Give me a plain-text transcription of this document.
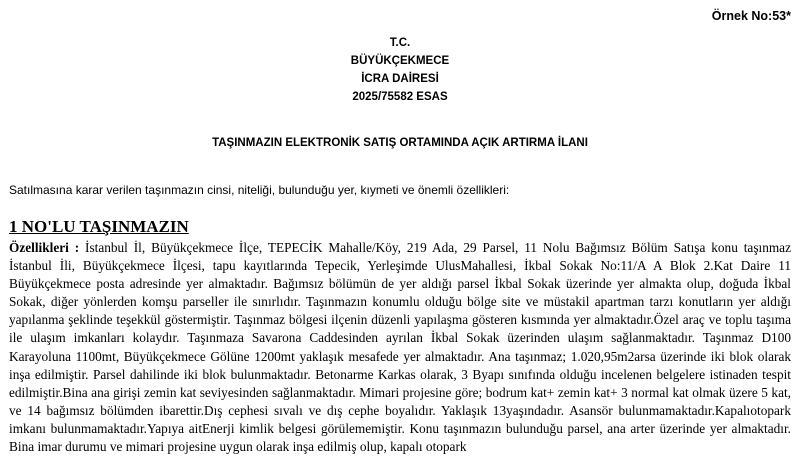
Örnek No:53*
T.C.
BÜYÜKÇEKMECE
İCRA DAİRESİ
2025/75582 ESAS
TAŞINMAZIN ELEKTRONİK SATIŞ ORTAMINDA AÇIK ARTIRMA İLANI
Satılmasına karar verilen taşınmazın cinsi, niteliği, bulunduğu yer, kıymeti ve önemli özellikleri:
1 NO'LU TAŞINMAZIN
Özellikleri : İstanbul İl, Büyükçekmece İlçe, TEPECİK Mahalle/Köy, 219 Ada, 29 Parsel, 11 Nolu Bağımsız Bölüm Satışa konu taşınmaz İstanbul İli, Büyükçekmece İlçesi, tapu kayıtlarında Tepecik, Yerleşimde UlusMahallesi, İkbal Sokak No:11/A A Blok 2.Kat Daire 11 Büyükçekmece posta adresinde yer almaktadır. Bağımsız bölümün de yer aldığı parsel İkbal Sokak üzerinde yer almakta olup, doğuda İkbal Sokak, diğer yönlerden komşu parseller ile sınırlıdır. Taşınmazın konumlu olduğu bölge site ve müstakil apartman tarzı konutların yer aldığı yapılanma şeklinde teşekkül göstermiştir. Taşınmaz bölgesi ilçenin düzenli yapılaşma gösteren kısmında yer almaktadır.Özel araç ve toplu taşıma ile ulaşım imkanları kolaydır. Taşınmaza Savarona Caddesinden ayrılan İkbal Sokak üzerinden ulaşım sağlanmaktadır. Taşınmaz D100 Karayoluna 1100mt, Büyükçekmece Gölüne 1200mt yaklaşık mesafede yer almaktadır. Ana taşınmaz; 1.020,95m2arsa üzerinde iki blok olarak inşa edilmiştir. Parsel dahilinde iki blok bulunmaktadır. Betonarme Karkas olarak, 3 Byapı sınıfında olduğu incelenen belgelere istinaden tespit edilmiştir.Bina ana girişi zemin kat seviyesinden sağlanmaktadır. Mimari projesine göre; bodrum kat+ zemin kat+ 3 normal kat olmak üzere 5 kat, ve 14 bağımsız bölümden ibarettir.Dış cephesi sıvalı ve dış cephe boyalıdır. Yaklaşık 13yaşındadır. Asansör bulunmamaktadır.Kapalıotopark imkanı bulunmamaktadır.Yapıya aitEnerji kimlik belgesi görülememiştir. Konu taşınmazın bulunduğu parsel, ana arter üzerinde yer almaktadır. Bina imar durumu ve mimari projesine uygun olarak inşa edilmiş olup, kapalı otopark
